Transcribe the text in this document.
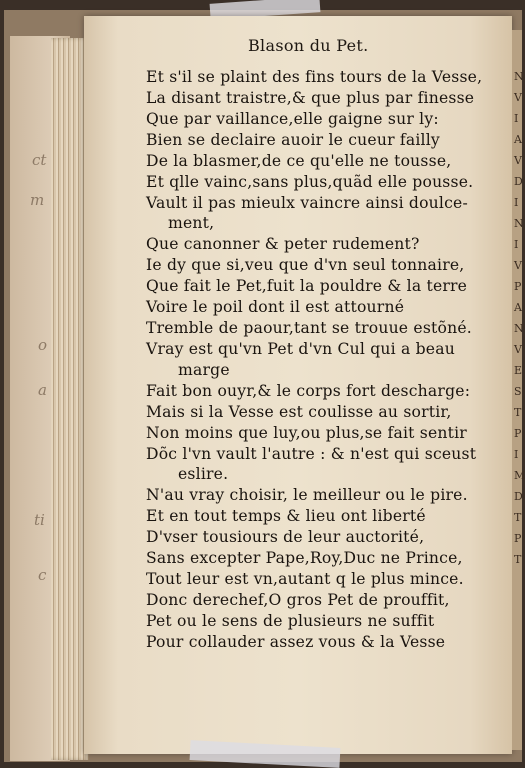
ct
m
o
a
ti
c
N
V
I
A
V
D
I
N
I
V
P
A
N
V
E
S
T
P
I
M
D
T
P
T
Blason du Pet.
Et s'il se plaint des fins tours de la Vesse,
La disant traistre,& que plus par finesse
Que par vaillance,elle gaigne sur ly:
Bien se declaire auoir le cueur failly
De la blasmer,de ce qu'elle ne tousse,
Et qlle vainc,sans plus,quãd elle pousse.
Vault il pas mieulx vaincre ainsi doulce-
ment,
Que canonner & peter rudement?
Ie dy que si,veu que d'vn seul tonnaire,
Que fait le Pet,fuit la pouldre & la terre
Voire le poil dont il est attourné
Tremble de paour,tant se trouue estõné.
Vray est qu'vn Pet d'vn Cul qui a beau
marge
Fait bon ouyr,& le corps fort descharge:
Mais si la Vesse est coulisse au sortir,
Non moins que luy,ou plus,se fait sentir
Dõc l'vn vault l'autre : & n'est qui sceust
eslire.
N'au vray choisir, le meilleur ou le pire.
Et en tout temps & lieu ont liberté
D'vser tousiours de leur auctorité,
Sans excepter Pape,Roy,Duc ne Prince,
Tout leur est vn,autant q le plus mince.
Donc derechef,O gros Pet de prouffit,
Pet ou le sens de plusieurs ne suffit
Pour collauder assez vous & la Vesse
